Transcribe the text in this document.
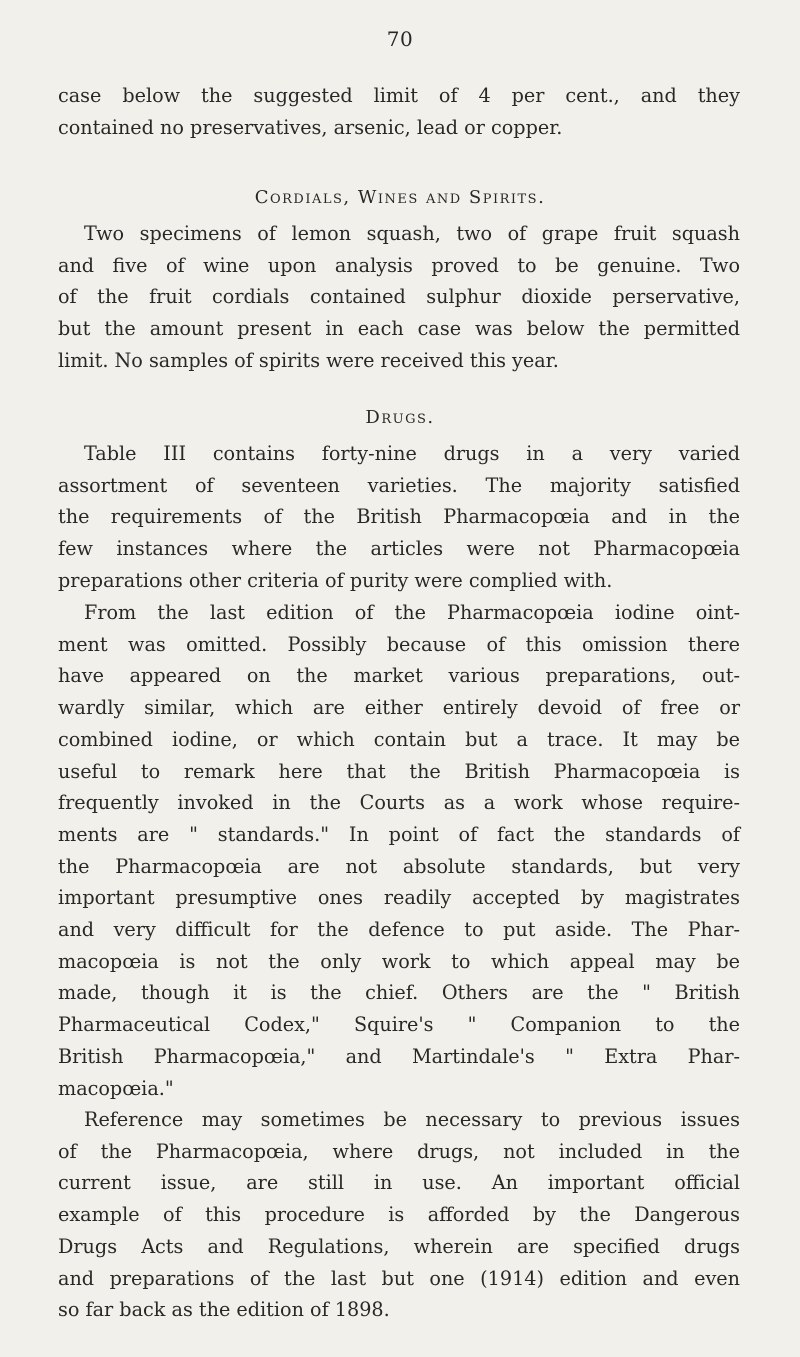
70
case below the suggested limit of 4 per cent., and they
contained no preservatives, arsenic, lead or copper.
Cordials, Wines and Spirits.
Two specimens of lemon squash, two of grape fruit squash
and five of wine upon analysis proved to be genuine. Two
of the fruit cordials contained sulphur dioxide perservative,
but the amount present in each case was below the permitted
limit. No samples of spirits were received this year.
Drugs.
Table III contains forty-nine drugs in a very varied
assortment of seventeen varieties. The majority satisfied
the requirements of the British Pharmacopœia and in the
few instances where the articles were not Pharmacopœia
preparations other criteria of purity were complied with.
From the last edition of the Pharmacopœia iodine oint-
ment was omitted. Possibly because of this omission there
have appeared on the market various preparations, out-
wardly similar, which are either entirely devoid of free or
combined iodine, or which contain but a trace. It may be
useful to remark here that the British Pharmacopœia is
frequently invoked in the Courts as a work whose require-
ments are " standards." In point of fact the standards of
the Pharmacopœia are not absolute standards, but very
important presumptive ones readily accepted by magistrates
and very difficult for the defence to put aside. The Phar-
macopœia is not the only work to which appeal may be
made, though it is the chief. Others are the " British
Pharmaceutical Codex," Squire's " Companion to the
British Pharmacopœia," and Martindale's " Extra Phar-
macopœia."
Reference may sometimes be necessary to previous issues
of the Pharmacopœia, where drugs, not included in the
current issue, are still in use. An important official
example of this procedure is afforded by the Dangerous
Drugs Acts and Regulations, wherein are specified drugs
and preparations of the last but one (1914) edition and even
so far back as the edition of 1898.
